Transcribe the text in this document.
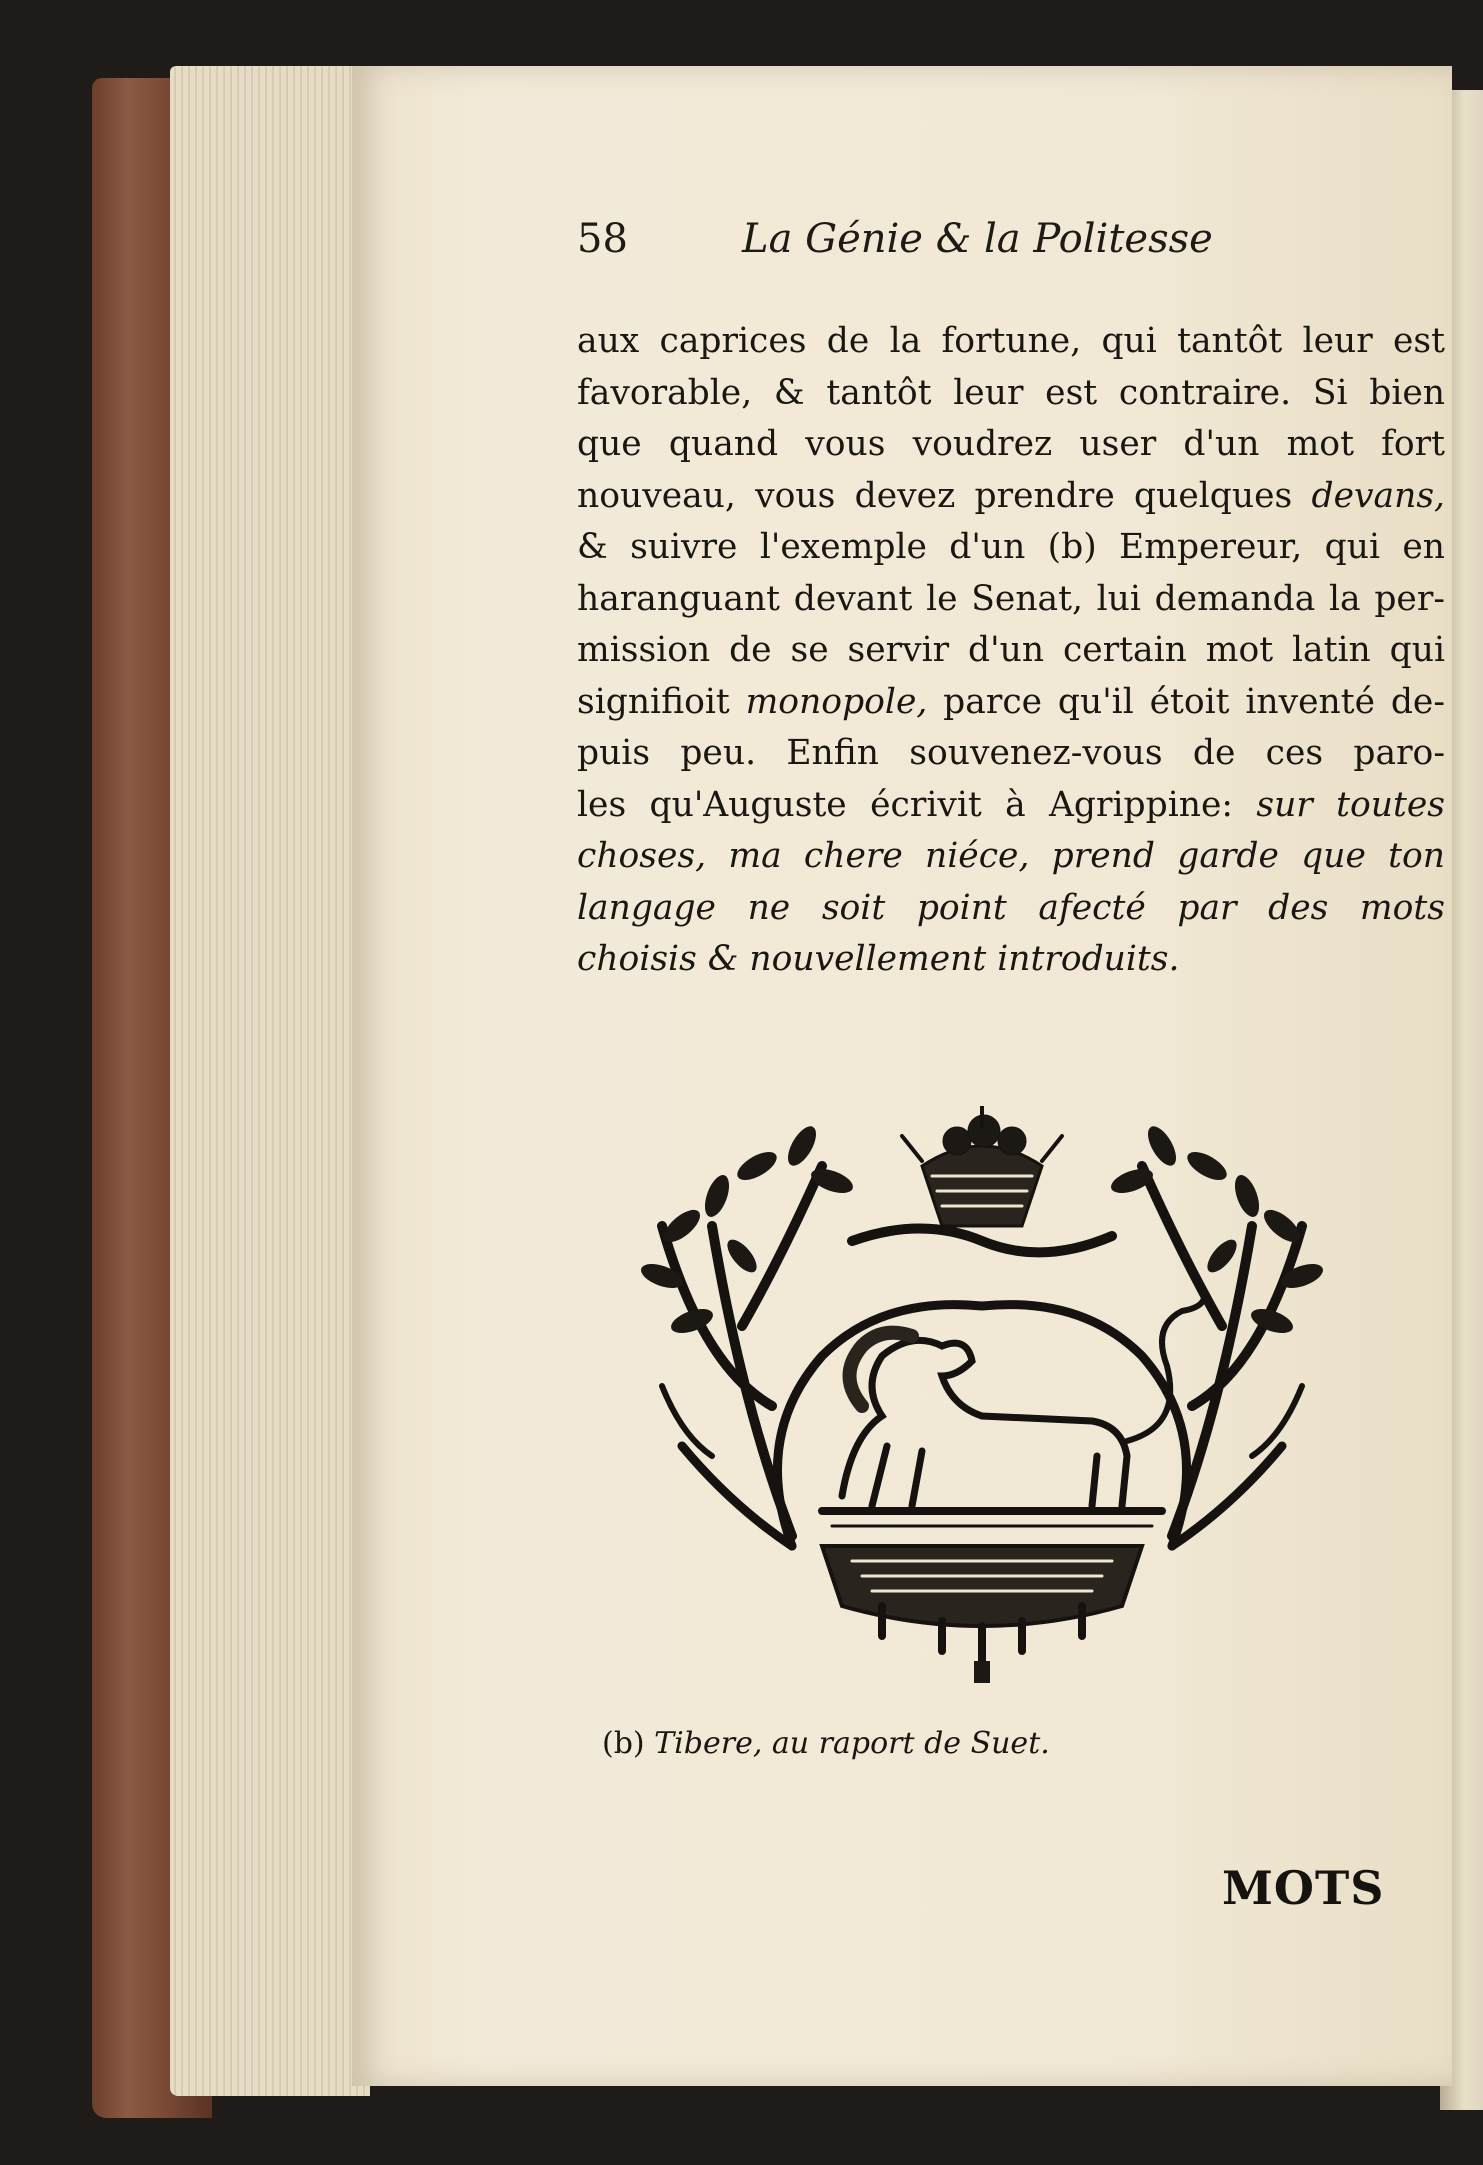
58	La Génie & la Politesse
aux caprices de la fortune, qui tantôt leur est
favorable, & tantôt leur est contraire. Si bien
que quand vous voudrez user d'un mot fort
nouveau, vous devez prendre quelques devans,
& suivre l'exemple d'un (b) Empereur, qui en
haranguant devant le Senat, lui demanda la per-
mission de se servir d'un certain mot latin qui
signifioit monopole, parce qu'il étoit inventé de-
puis peu. Enfin souvenez-vous de ces paro-
les qu'Auguste écrivit à Agrippine: sur toutes
choses, ma chere niéce, prend garde que ton
langage ne soit point afecté par des mots
choisis & nouvellement introduits.
(b) Tibere, au raport de Suet.
MOTS
